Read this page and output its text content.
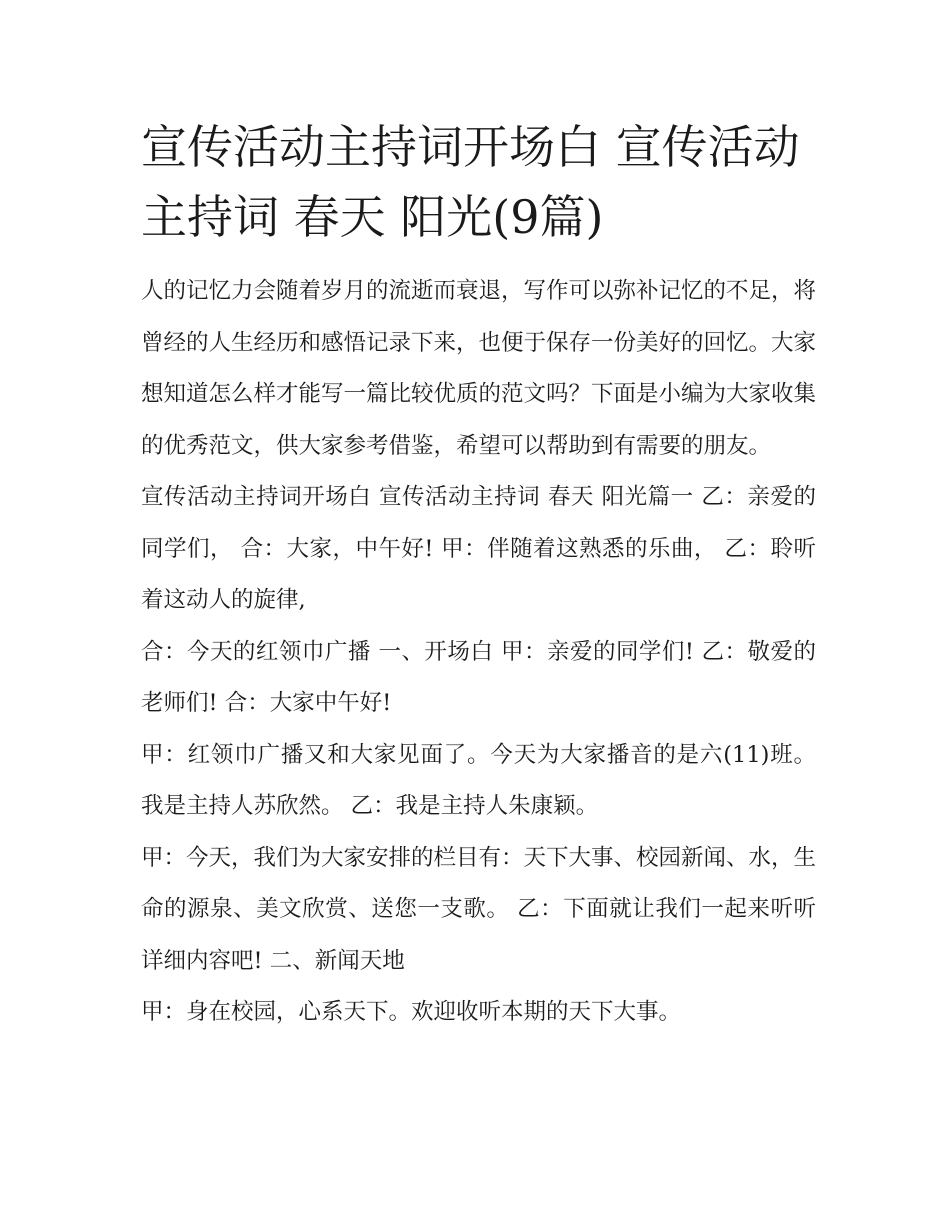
宣传活动主持词开场白 宣传活动主持词 春天 阳光(9篇)

人的记忆力会随着岁月的流逝而衰退，写作可以弥补记忆的不足，将曾经的人生经历和感悟记录下来，也便于保存一份美好的回忆。大家想知道怎么样才能写一篇比较优质的范文吗？下面是小编为大家收集的优秀范文，供大家参考借鉴，希望可以帮助到有需要的朋友。

宣传活动主持词开场白 宣传活动主持词 春天 阳光篇一 乙：亲爱的同学们， 合：大家，中午好! 甲：伴随着这熟悉的乐曲， 乙：聆听着这动人的旋律,

合：今天的红领巾广播 一、开场白 甲：亲爱的同学们! 乙：敬爱的老师们! 合：大家中午好!

甲：红领巾广播又和大家见面了。今天为大家播音的是六(11)班。我是主持人苏欣然。 乙：我是主持人朱康颖。

甲：今天，我们为大家安排的栏目有：天下大事、校园新闻、水，生命的源泉、美文欣赏、送您一支歌。 乙：下面就让我们一起来听听详细内容吧! 二、新闻天地

甲：身在校园，心系天下。欢迎收听本期的天下大事。
